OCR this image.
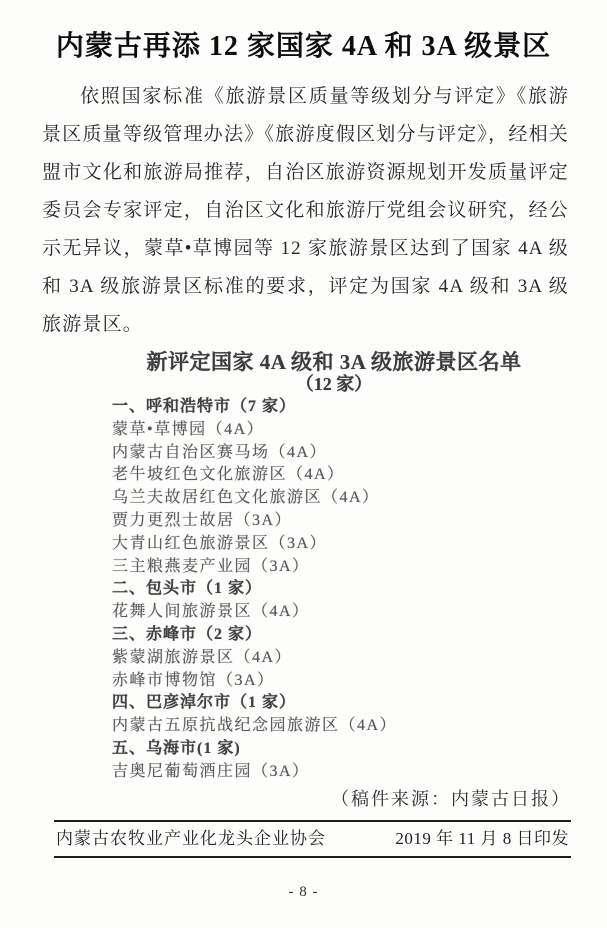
内蒙古再添 12 家国家 4A 和 3A 级景区

依照国家标准《旅游景区质量等级划分与评定》《旅游景区质量等级管理办法》《旅游度假区划分与评定》，经相关盟市文化和旅游局推荐，自治区旅游资源规划开发质量评定委员会专家评定，自治区文化和旅游厅党组会议研究，经公示无异议，蒙草•草博园等 12 家旅游景区达到了国家 4A 级和 3A 级旅游景区标准的要求，评定为国家 4A 级和 3A 级旅游景区。

新评定国家 4A 级和 3A 级旅游景区名单
（12 家）
一、呼和浩特市（7 家）
蒙草•草博园（4A）
内蒙古自治区赛马场（4A）
老牛坡红色文化旅游区（4A）
乌兰夫故居红色文化旅游区（4A）
贾力更烈士故居（3A）
大青山红色旅游景区（3A）
三主粮燕麦产业园（3A）
二、包头市（1 家）
花舞人间旅游景区（4A）
三、赤峰市（2 家）
紫蒙湖旅游景区（4A）
赤峰市博物馆（3A）
四、巴彦淖尔市（1 家）
内蒙古五原抗战纪念园旅游区（4A）
五、乌海市(1 家)
吉奥尼葡萄酒庄园（3A）
（稿件来源：内蒙古日报）
内蒙古农牧业产业化龙头企业协会	2019 年 11 月 8 日印发
- 8 -
